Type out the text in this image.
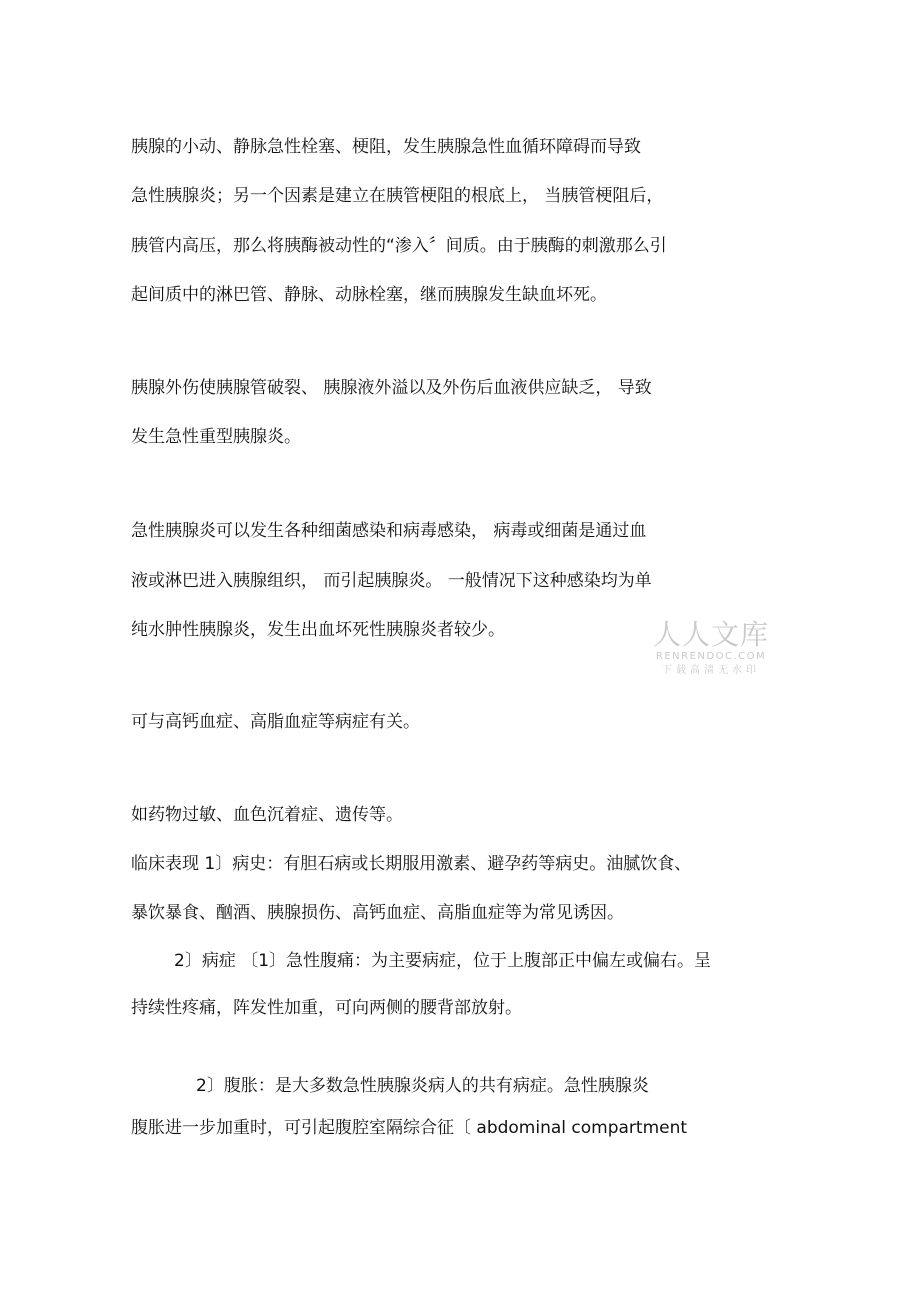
胰腺的小动、静脉急性栓塞、梗阻，发生胰腺急性血循环障碍而导致
急性胰腺炎；另一个因素是建立在胰管梗阻的根底上， 当胰管梗阻后，
胰管内高压，那么将胰酶被动性的“渗入〞间质。由于胰酶的刺激那么引
起间质中的淋巴管、静脉、动脉栓塞，继而胰腺发生缺血坏死。
胰腺外伤使胰腺管破裂、 胰腺液外溢以及外伤后血液供应缺乏， 导致
发生急性重型胰腺炎。
急性胰腺炎可以发生各种细菌感染和病毒感染， 病毒或细菌是通过血
液或淋巴进入胰腺组织， 而引起胰腺炎。 一般情况下这种感染均为单
纯水肿性胰腺炎，发生出血坏死性胰腺炎者较少。
可与高钙血症、高脂血症等病症有关。
如药物过敏、血色沉着症、遗传等。
临床表现 1〕病史：有胆石病或长期服用激素、避孕药等病史。油腻饮食、
暴饮暴食、酗酒、胰腺损伤、高钙血症、高脂血症等为常见诱因。
2〕病症 〔1〕急性腹痛：为主要病症，位于上腹部正中偏左或偏右。呈
持续性疼痛，阵发性加重，可向两侧的腰背部放射。
2〕腹胀：是大多数急性胰腺炎病人的共有病症。急性胰腺炎
腹胀进一步加重时，可引起腹腔室隔综合征〔 abdominal compartment
人人文库
RENRENDOC.COM
下载高清无水印
